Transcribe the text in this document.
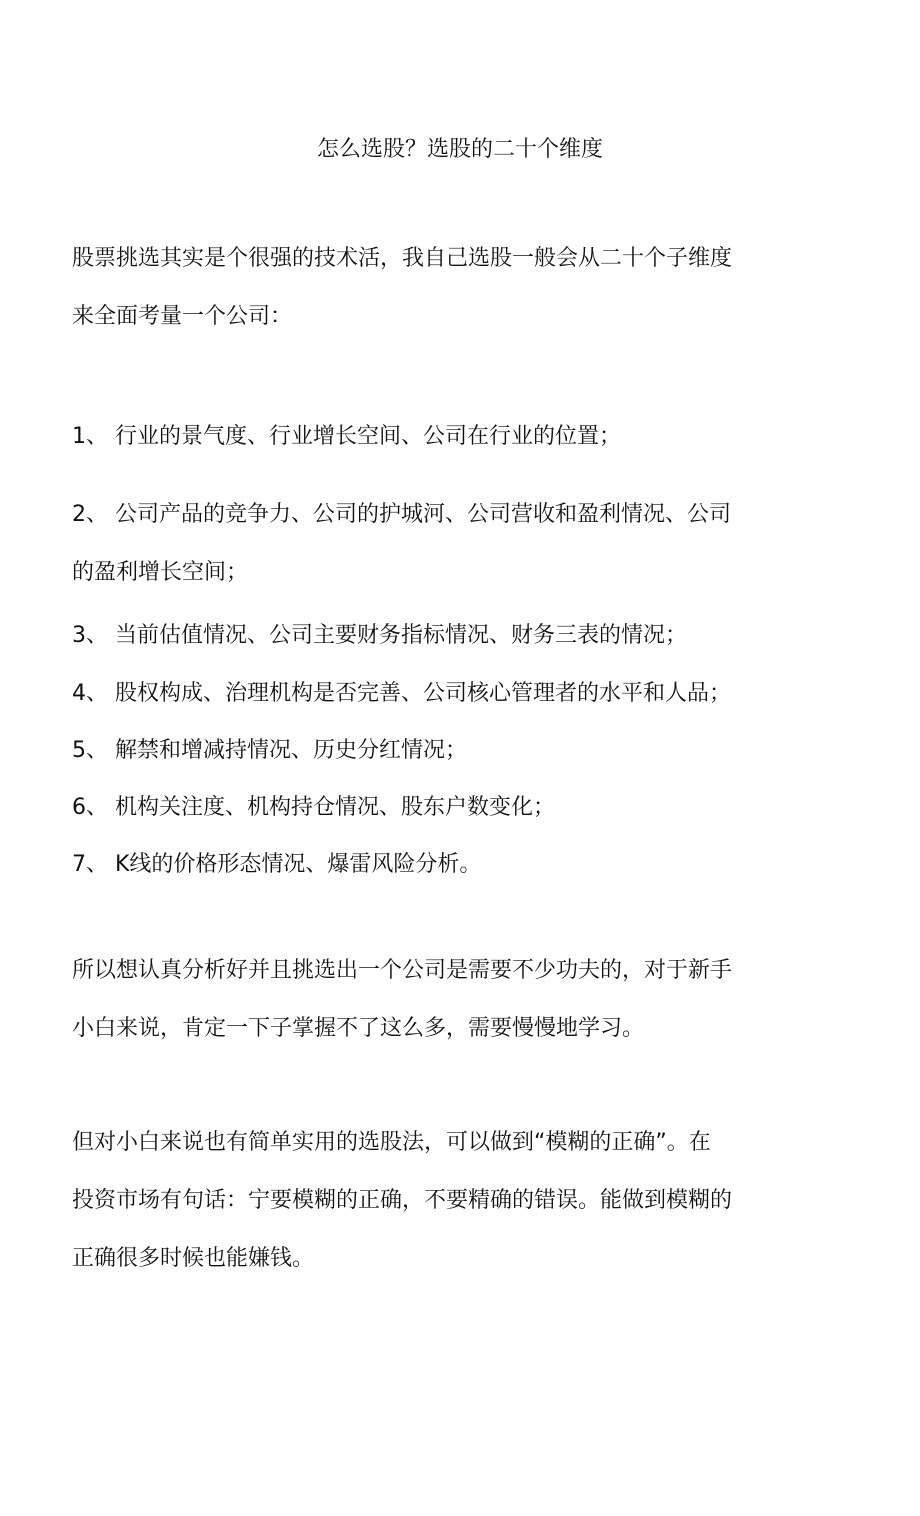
怎么选股？选股的二十个维度
股票挑选其实是个很强的技术活，我自己选股一般会从二十个子维度
来全面考量一个公司：
1、 行业的景气度、行业增长空间、公司在行业的位置；
2、 公司产品的竞争力、公司的护城河、公司营收和盈利情况、公司
的盈利增长空间；
3、 当前估值情况、公司主要财务指标情况、财务三表的情况；
4、 股权构成、治理机构是否完善、公司核心管理者的水平和人品；
5、 解禁和增减持情况、历史分红情况；
6、 机构关注度、机构持仓情况、股东户数变化；
7、 K线的价格形态情况、爆雷风险分析。
所以想认真分析好并且挑选出一个公司是需要不少功夫的，对于新手
小白来说，肯定一下子掌握不了这么多，需要慢慢地学习。
但对小白来说也有简单实用的选股法，可以做到“模糊的正确”。在
投资市场有句话：宁要模糊的正确，不要精确的错误。能做到模糊的
正确很多时候也能嫌钱。
